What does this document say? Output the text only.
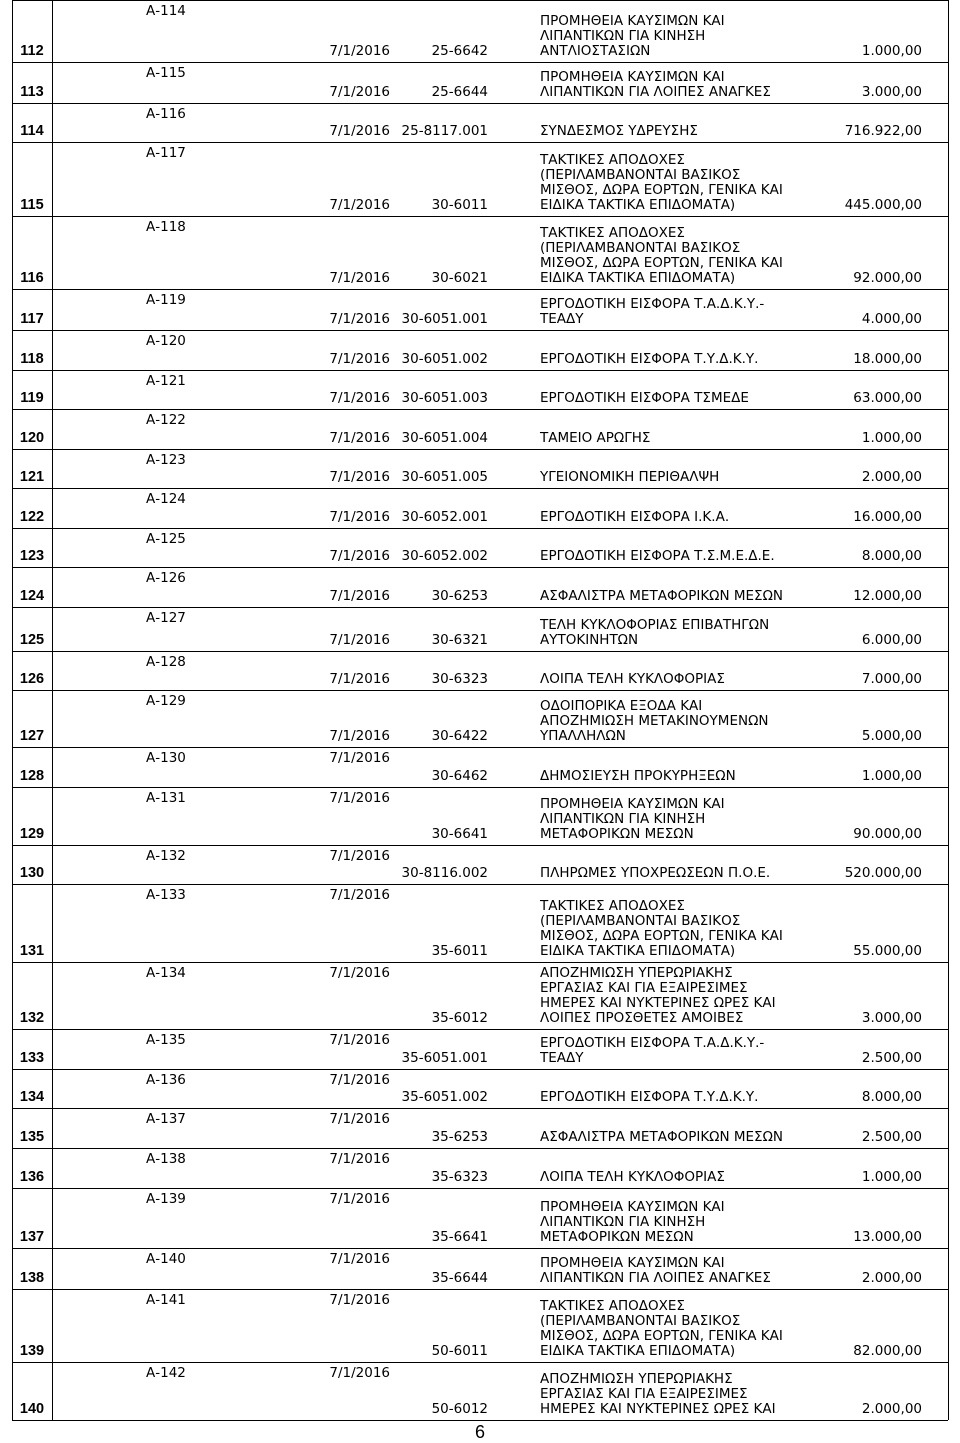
112
Α-114
7/1/2016	25-6642
ΠΡΟΜΗΘΕΙΑ ΚΑΥΣΙΜΩΝ ΚΑΙ
ΛΙΠΑΝΤΙΚΩΝ ΓΙΑ ΚΙΝΗΣΗ
ΑΝΤΛΙΟΣΤΑΣΙΩΝ	1.000,00
113
Α-115
7/1/2016	25-6644
ΠΡΟΜΗΘΕΙΑ ΚΑΥΣΙΜΩΝ ΚΑΙ
ΛΙΠΑΝΤΙΚΩΝ ΓΙΑ ΛΟΙΠΕΣ ΑΝΑΓΚΕΣ	3.000,00
114
Α-116
7/1/2016 25-8117.001	ΣΥΝΔΕΣΜΟΣ ΥΔΡΕΥΣΗΣ	716.922,00
115
Α-117
7/1/2016	30-6011
ΤΑΚΤΙΚΕΣ ΑΠΟΔΟΧΕΣ
(ΠΕΡΙΛΑΜΒΑΝΟΝΤΑΙ ΒΑΣΙΚΟΣ
ΜΙΣΘΟΣ, ΔΩΡΑ ΕΟΡΤΩΝ, ΓΕΝΙΚΑ ΚΑΙ
ΕΙΔΙΚΑ ΤΑΚΤΙΚΑ ΕΠΙΔΟΜΑΤΑ)	445.000,00
116
Α-118
7/1/2016	30-6021
ΤΑΚΤΙΚΕΣ ΑΠΟΔΟΧΕΣ
(ΠΕΡΙΛΑΜΒΑΝΟΝΤΑΙ ΒΑΣΙΚΟΣ
ΜΙΣΘΟΣ, ΔΩΡΑ ΕΟΡΤΩΝ, ΓΕΝΙΚΑ ΚΑΙ
ΕΙΔΙΚΑ ΤΑΚΤΙΚΑ ΕΠΙΔΟΜΑΤΑ)	92.000,00
117
Α-119
7/1/2016 30-6051.001
ΕΡΓΟΔΟΤΙΚΗ ΕΙΣΦΟΡΑ Τ.Α.Δ.Κ.Υ.-
ΤΕΑΔΥ	4.000,00
118
Α-120
7/1/2016 30-6051.002	ΕΡΓΟΔΟΤΙΚΗ ΕΙΣΦΟΡΑ Τ.Υ.Δ.Κ.Υ.	18.000,00
119
Α-121
7/1/2016 30-6051.003	ΕΡΓΟΔΟΤΙΚΗ ΕΙΣΦΟΡΑ ΤΣΜΕΔΕ	63.000,00
120
Α-122
7/1/2016 30-6051.004	ΤΑΜΕΙΟ ΑΡΩΓΗΣ	1.000,00
121
Α-123
7/1/2016 30-6051.005	ΥΓΕΙΟΝΟΜΙΚΗ ΠΕΡΙΘΑΛΨΗ	2.000,00
122
Α-124
7/1/2016 30-6052.001	ΕΡΓΟΔΟΤΙΚΗ ΕΙΣΦΟΡΑ Ι.Κ.Α.	16.000,00
123
Α-125
7/1/2016 30-6052.002	ΕΡΓΟΔΟΤΙΚΗ ΕΙΣΦΟΡΑ Τ.Σ.Μ.Ε.Δ.Ε.	8.000,00
124
Α-126
7/1/2016	30-6253	ΑΣΦΑΛΙΣΤΡΑ ΜΕΤΑΦΟΡΙΚΩΝ ΜΕΣΩΝ	12.000,00
125
Α-127
7/1/2016	30-6321
ΤΕΛΗ ΚΥΚΛΟΦΟΡΙΑΣ ΕΠΙΒΑΤΗΓΩΝ
ΑΥΤΟΚΙΝΗΤΩΝ	6.000,00
126
Α-128
7/1/2016	30-6323	ΛΟΙΠΑ ΤΕΛΗ ΚΥΚΛΟΦΟΡΙΑΣ	7.000,00
127
Α-129
7/1/2016	30-6422
ΟΔΟΙΠΟΡΙΚΑ ΕΞΟΔΑ ΚΑΙ
ΑΠΟΖΗΜΙΩΣΗ ΜΕΤΑΚΙΝΟΥΜΕΝΩΝ
ΥΠΑΛΛΗΛΩΝ	5.000,00
128
Α-130	7/1/2016
30-6462	ΔΗΜΟΣΙΕΥΣΗ ΠΡΟΚΥΡΗΞΕΩΝ	1.000,00
129
Α-131	7/1/2016
30-6641
ΠΡΟΜΗΘΕΙΑ ΚΑΥΣΙΜΩΝ ΚΑΙ
ΛΙΠΑΝΤΙΚΩΝ ΓΙΑ ΚΙΝΗΣΗ
ΜΕΤΑΦΟΡΙΚΩΝ ΜΕΣΩΝ	90.000,00
130
Α-132	7/1/2016
30-8116.002	ΠΛΗΡΩΜΕΣ ΥΠΟΧΡΕΩΣΕΩΝ Π.Ο.Ε.	520.000,00
131
Α-133	7/1/2016
35-6011
ΤΑΚΤΙΚΕΣ ΑΠΟΔΟΧΕΣ
(ΠΕΡΙΛΑΜΒΑΝΟΝΤΑΙ ΒΑΣΙΚΟΣ
ΜΙΣΘΟΣ, ΔΩΡΑ ΕΟΡΤΩΝ, ΓΕΝΙΚΑ ΚΑΙ
ΕΙΔΙΚΑ ΤΑΚΤΙΚΑ ΕΠΙΔΟΜΑΤΑ)	55.000,00
132
Α-134	7/1/2016
35-6012
ΑΠΟΖΗΜΙΩΣΗ ΥΠΕΡΩΡΙΑΚΗΣ
ΕΡΓΑΣΙΑΣ ΚΑΙ ΓΙΑ ΕΞΑΙΡΕΣΙΜΕΣ
ΗΜΕΡΕΣ ΚΑΙ ΝΥΚΤΕΡΙΝΕΣ ΩΡΕΣ ΚΑΙ
ΛΟΙΠΕΣ ΠΡΟΣΘΕΤΕΣ ΑΜΟΙΒΕΣ	3.000,00
133
Α-135	7/1/2016
35-6051.001
ΕΡΓΟΔΟΤΙΚΗ ΕΙΣΦΟΡΑ Τ.Α.Δ.Κ.Υ.-
ΤΕΑΔΥ	2.500,00
134
Α-136	7/1/2016
35-6051.002	ΕΡΓΟΔΟΤΙΚΗ ΕΙΣΦΟΡΑ Τ.Υ.Δ.Κ.Υ.	8.000,00
135
Α-137	7/1/2016
35-6253	ΑΣΦΑΛΙΣΤΡΑ ΜΕΤΑΦΟΡΙΚΩΝ ΜΕΣΩΝ	2.500,00
136
Α-138	7/1/2016
35-6323	ΛΟΙΠΑ ΤΕΛΗ ΚΥΚΛΟΦΟΡΙΑΣ	1.000,00
137
Α-139	7/1/2016
35-6641
ΠΡΟΜΗΘΕΙΑ ΚΑΥΣΙΜΩΝ ΚΑΙ
ΛΙΠΑΝΤΙΚΩΝ ΓΙΑ ΚΙΝΗΣΗ
ΜΕΤΑΦΟΡΙΚΩΝ ΜΕΣΩΝ	13.000,00
138
Α-140	7/1/2016
35-6644
ΠΡΟΜΗΘΕΙΑ ΚΑΥΣΙΜΩΝ ΚΑΙ
ΛΙΠΑΝΤΙΚΩΝ ΓΙΑ ΛΟΙΠΕΣ ΑΝΑΓΚΕΣ	2.000,00
139
Α-141	7/1/2016
50-6011
ΤΑΚΤΙΚΕΣ ΑΠΟΔΟΧΕΣ
(ΠΕΡΙΛΑΜΒΑΝΟΝΤΑΙ ΒΑΣΙΚΟΣ
ΜΙΣΘΟΣ, ΔΩΡΑ ΕΟΡΤΩΝ, ΓΕΝΙΚΑ ΚΑΙ
ΕΙΔΙΚΑ ΤΑΚΤΙΚΑ ΕΠΙΔΟΜΑΤΑ)	82.000,00
140
Α-142	7/1/2016
50-6012
ΑΠΟΖΗΜΙΩΣΗ ΥΠΕΡΩΡΙΑΚΗΣ
ΕΡΓΑΣΙΑΣ ΚΑΙ ΓΙΑ ΕΞΑΙΡΕΣΙΜΕΣ
ΗΜΕΡΕΣ ΚΑΙ ΝΥΚΤΕΡΙΝΕΣ ΩΡΕΣ ΚΑΙ	2.000,00
6
